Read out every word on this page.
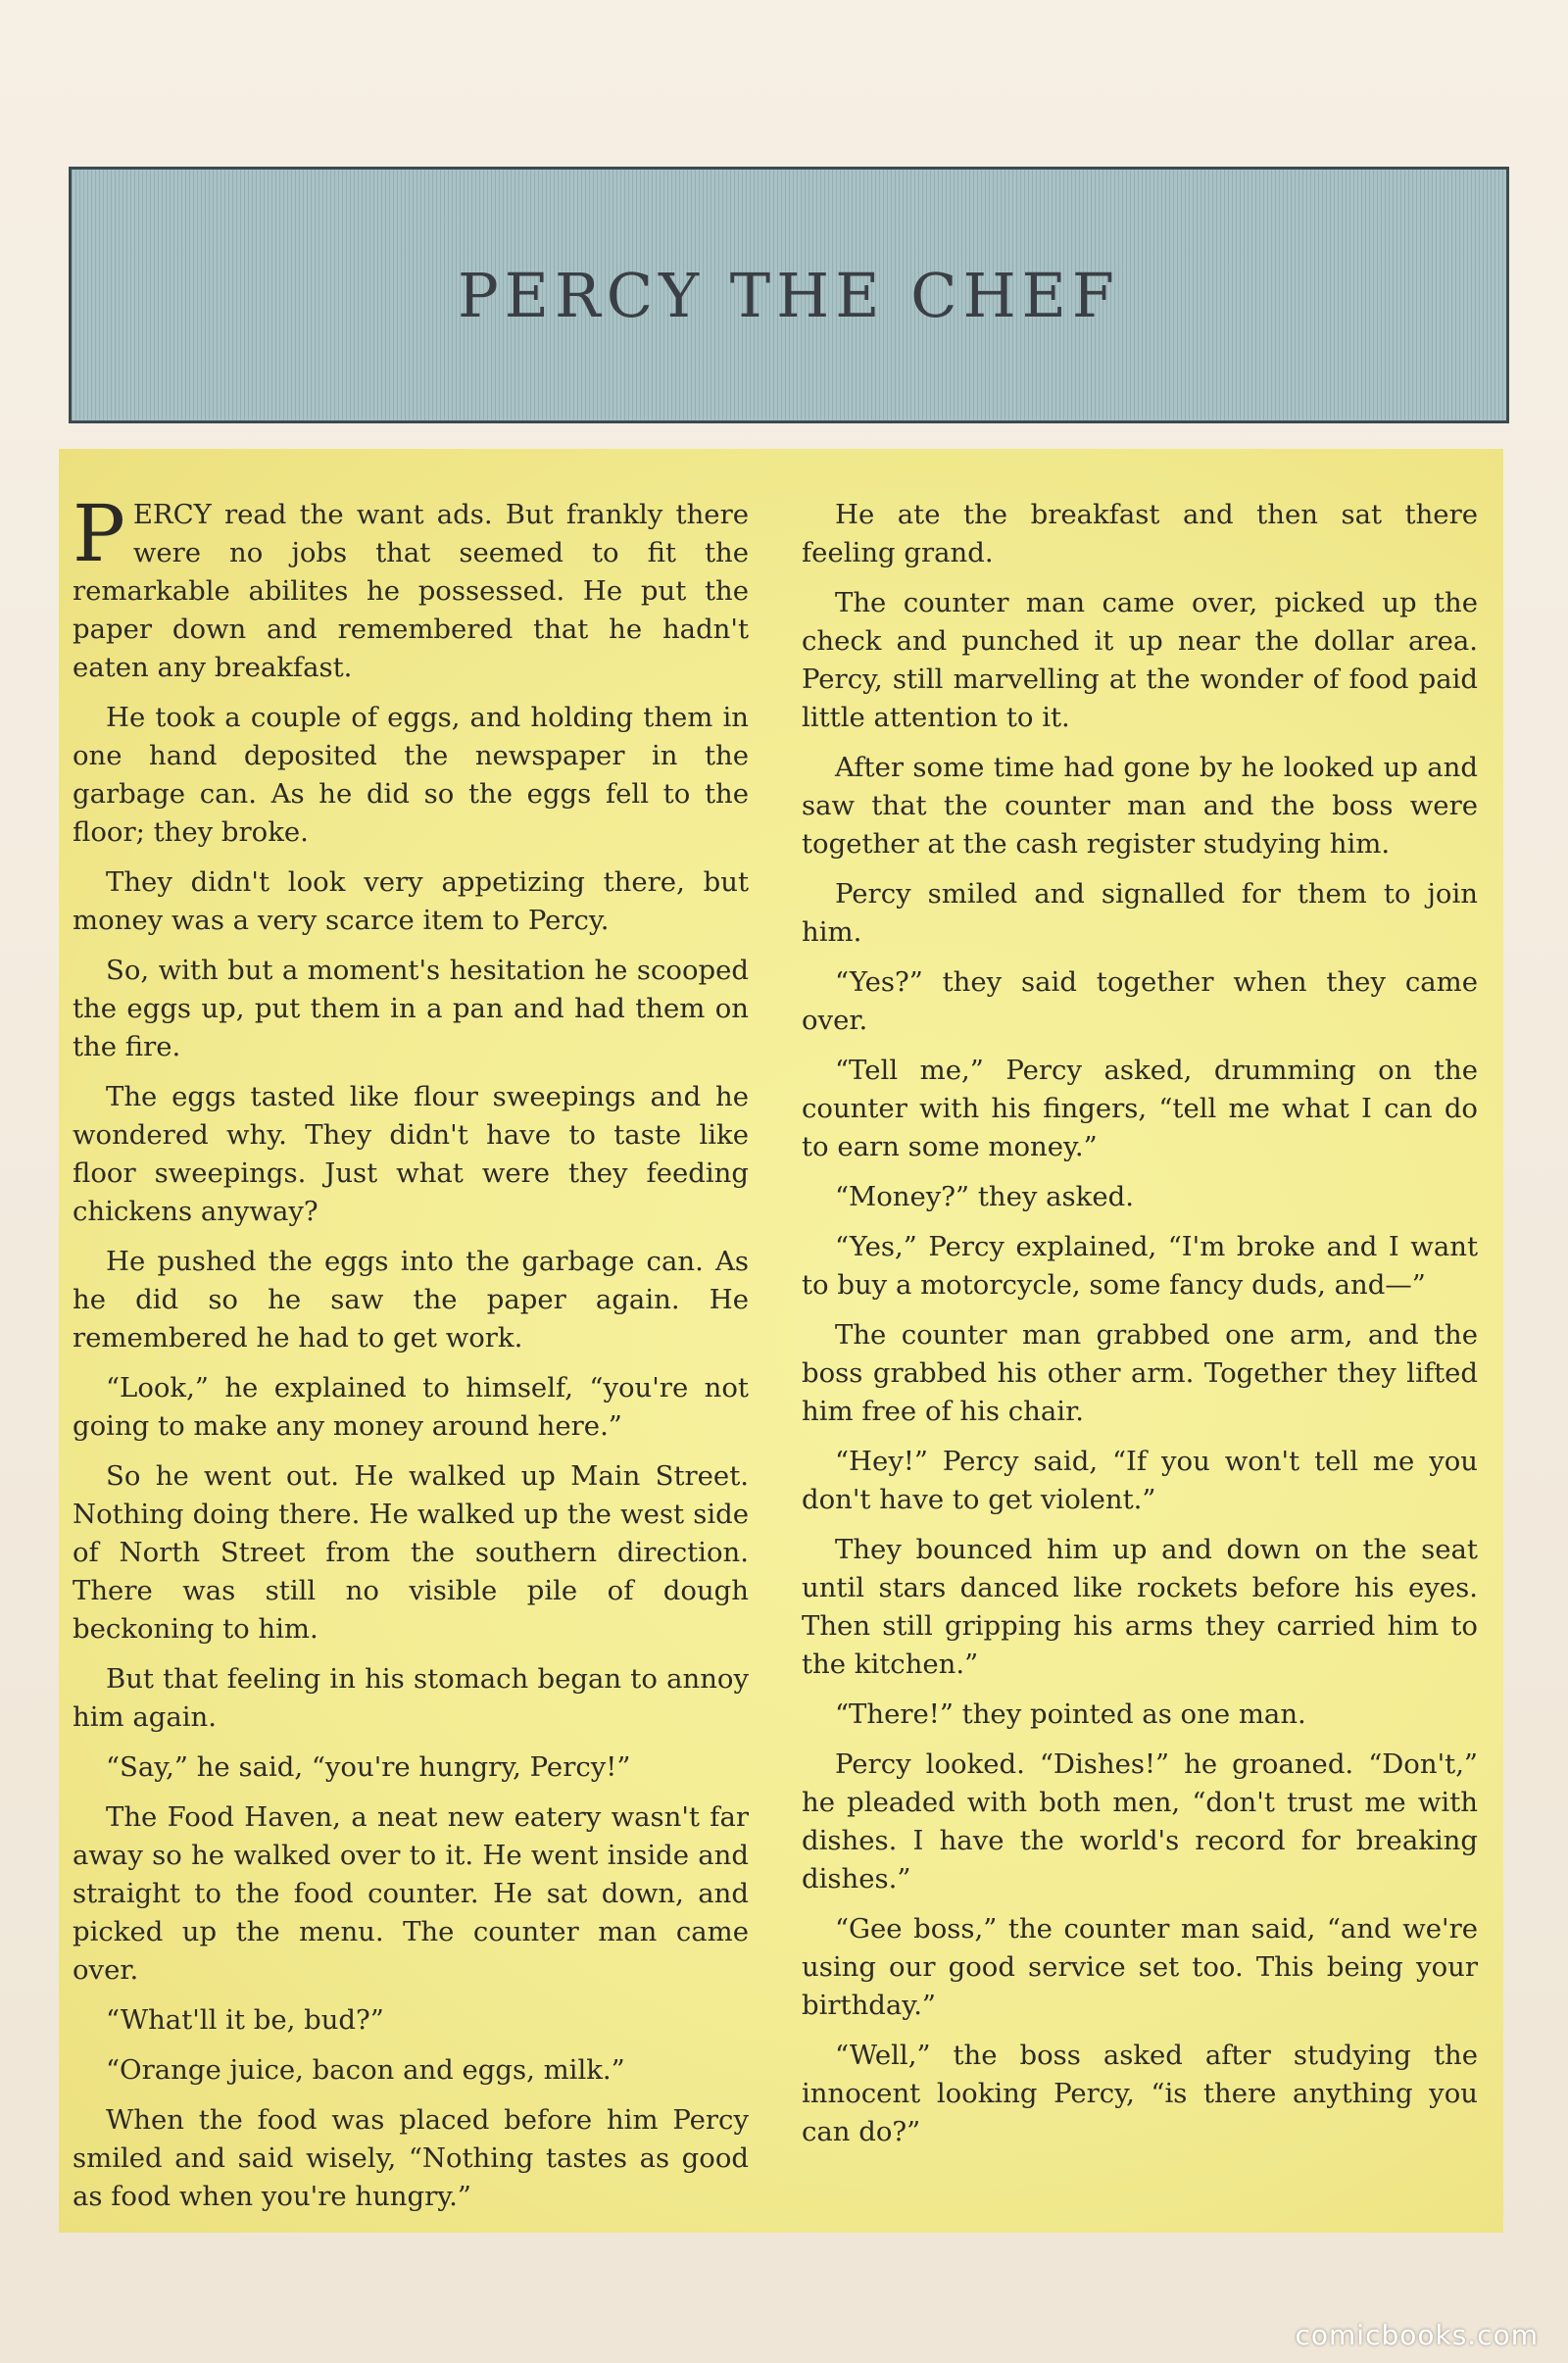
PERCY THE CHEF

PERCY read the want ads. But frankly there were no jobs that seemed to fit the remarkable abilites he possessed. He put the paper down and remembered that he hadn't eaten any breakfast.

He took a couple of eggs, and holding them in one hand deposited the newspaper in the garbage can. As he did so the eggs fell to the floor; they broke.

They didn't look very appetizing there, but money was a very scarce item to Percy.

So, with but a moment's hesitation he scooped the eggs up, put them in a pan and had them on the fire.

The eggs tasted like flour sweepings and he wondered why. They didn't have to taste like floor sweepings. Just what were they feeding chickens anyway?

He pushed the eggs into the garbage can. As he did so he saw the paper again. He remembered he had to get work.

“Look,” he explained to himself, “you're not going to make any money around here.”

So he went out. He walked up Main Street. Nothing doing there. He walked up the west side of North Street from the southern direction. There was still no visible pile of dough beckoning to him.

But that feeling in his stomach began to annoy him again.

“Say,” he said, “you're hungry, Percy!”

The Food Haven, a neat new eatery wasn't far away so he walked over to it. He went inside and straight to the food counter. He sat down, and picked up the menu. The counter man came over.

“What'll it be, bud?”

“Orange juice, bacon and eggs, milk.”

When the food was placed before him Percy smiled and said wisely, “Nothing tastes as good as food when you're hungry.”

He ate the breakfast and then sat there feeling grand.

The counter man came over, picked up the check and punched it up near the dollar area. Percy, still marvelling at the wonder of food paid little attention to it.

After some time had gone by he looked up and saw that the counter man and the boss were together at the cash register studying him.

Percy smiled and signalled for them to join him.

“Yes?” they said together when they came over.

“Tell me,” Percy asked, drumming on the counter with his fingers, “tell me what I can do to earn some money.”

“Money?” they asked.

“Yes,” Percy explained, “I'm broke and I want to buy a motorcycle, some fancy duds, and—”

The counter man grabbed one arm, and the boss grabbed his other arm. Together they lifted him free of his chair.

“Hey!” Percy said, “If you won't tell me you don't have to get violent.”

They bounced him up and down on the seat until stars danced like rockets before his eyes. Then still gripping his arms they carried him to the kitchen.”

“There!” they pointed as one man.

Percy looked. “Dishes!” he groaned. “Don't,” he pleaded with both men, “don't trust me with dishes. I have the world's record for breaking dishes.”

“Gee boss,” the counter man said, “and we're using our good service set too. This being your birthday.”

“Well,” the boss asked after studying the innocent looking Percy, “is there anything you can do?”

comicbooks.com
